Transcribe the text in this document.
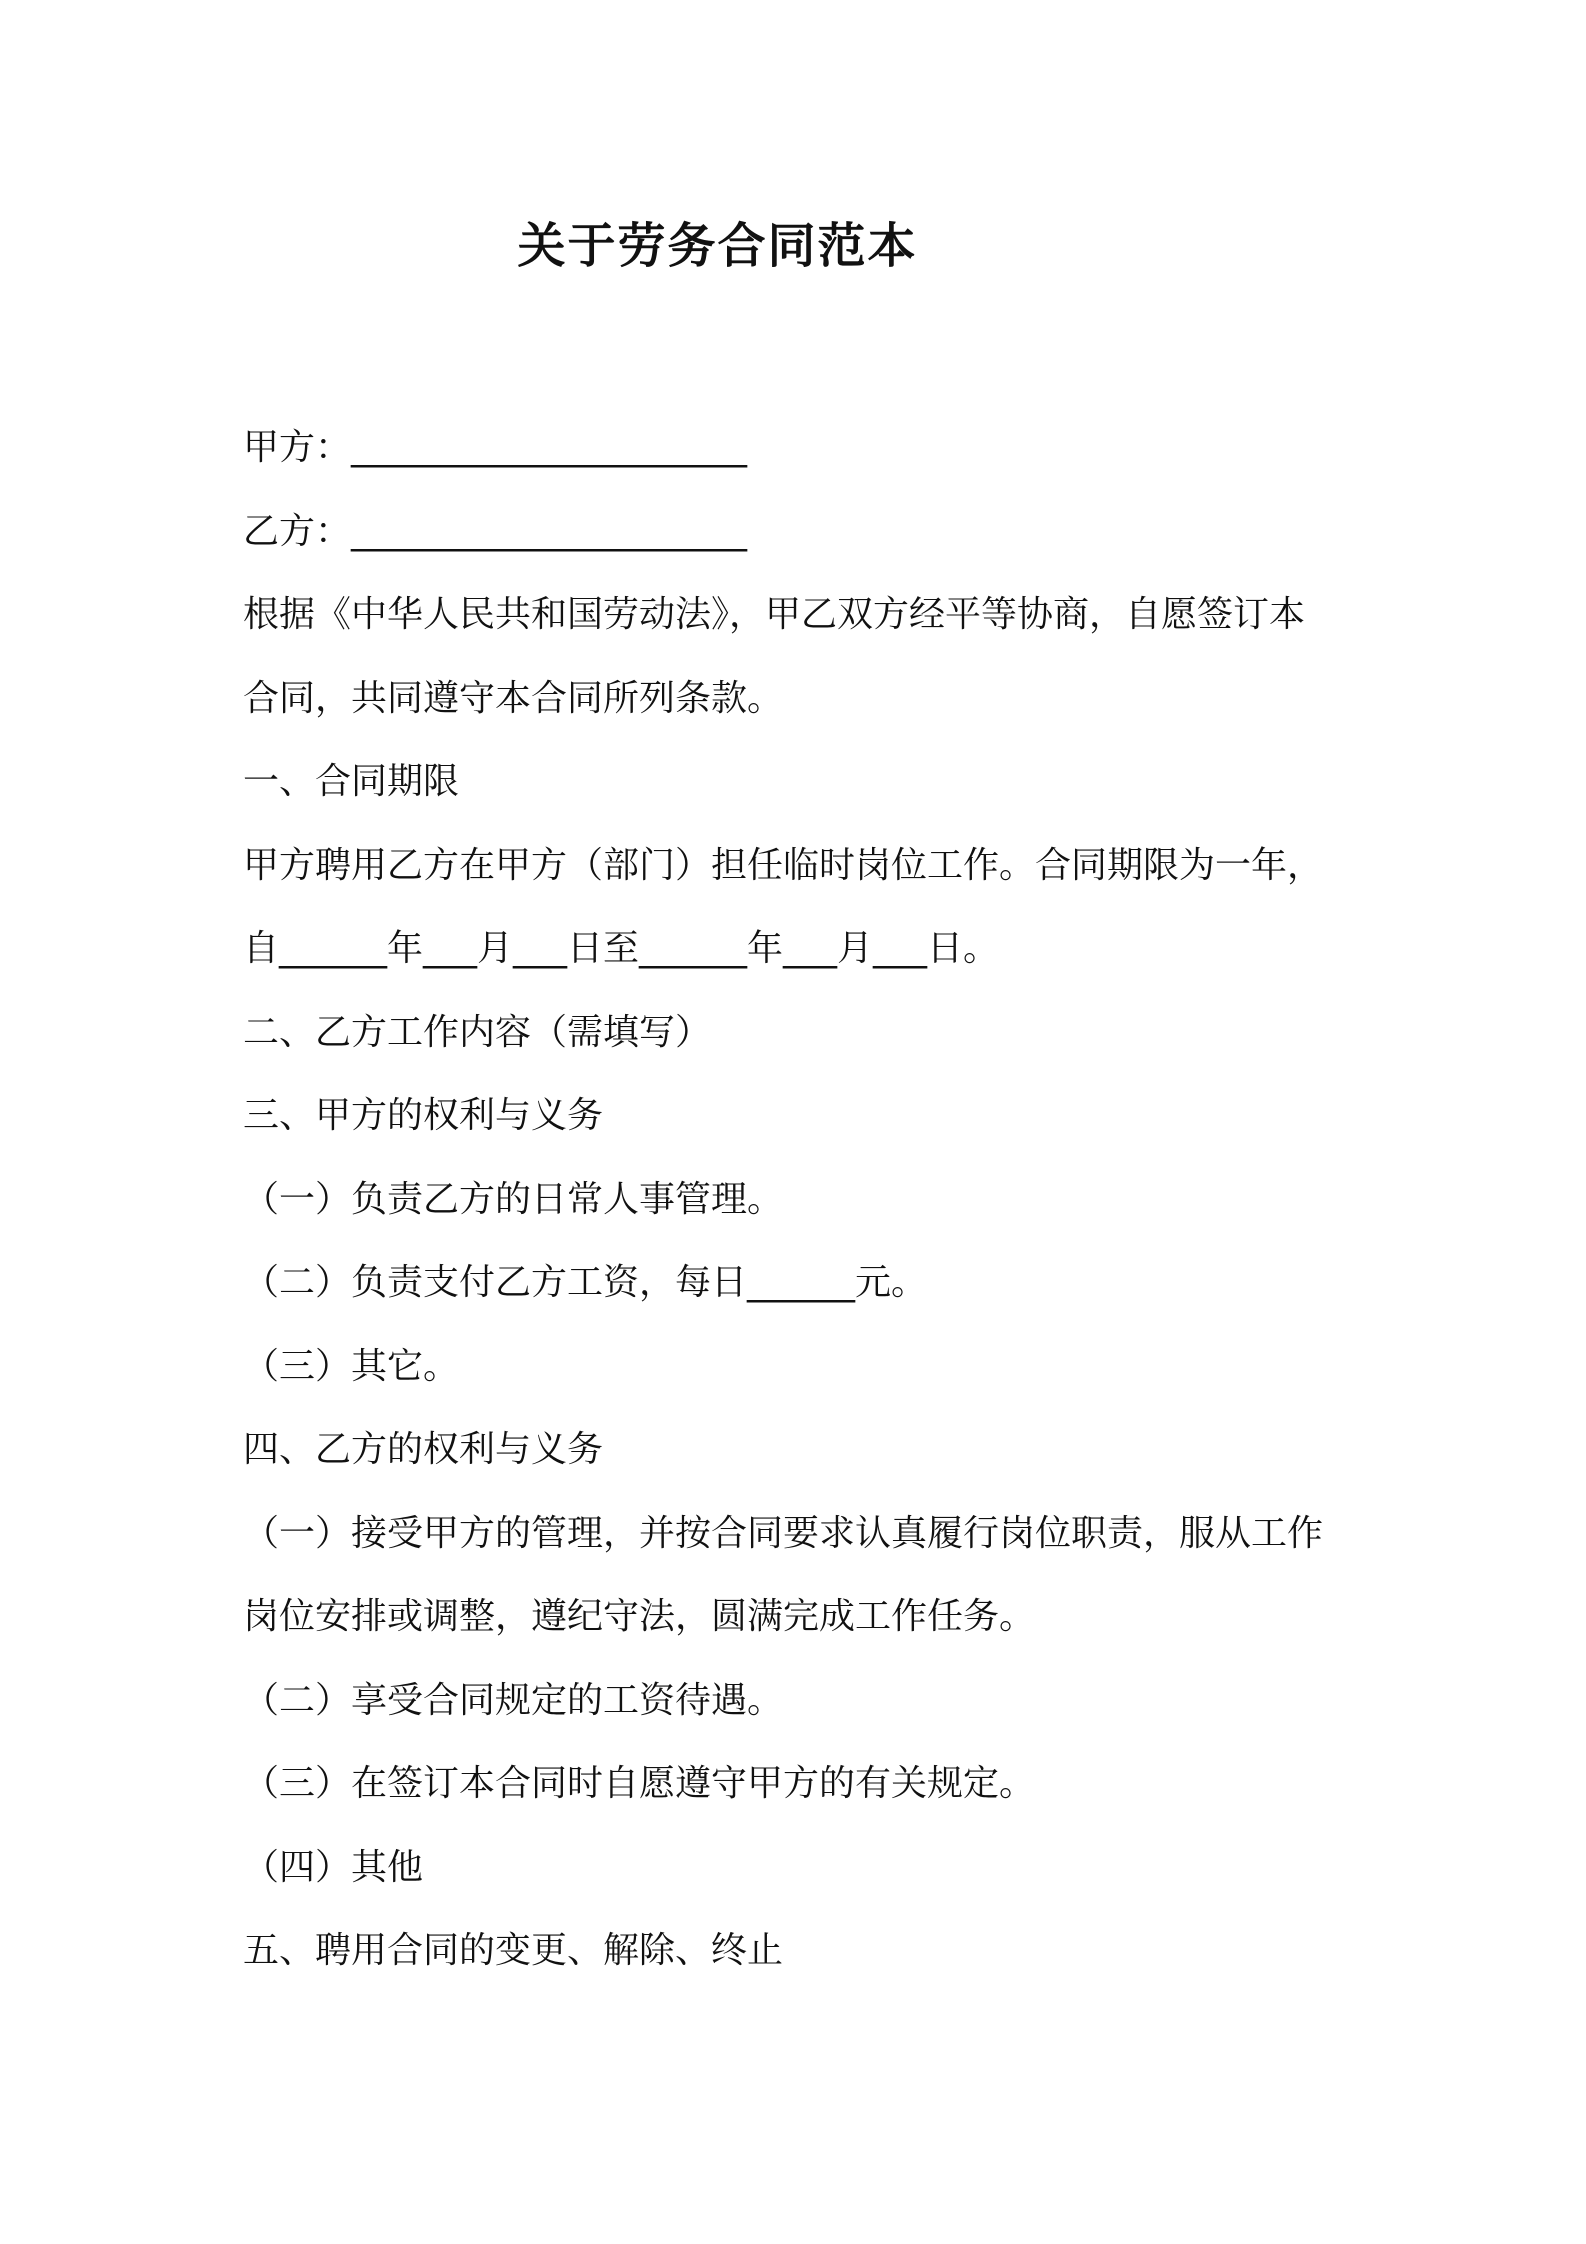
关于劳务合同范本
甲方：______________________
乙方：______________________
根据《中华人民共和国劳动法》，甲乙双方经平等协商，自愿签订本
合同，共同遵守本合同所列条款。
一、合同期限
甲方聘用乙方在甲方（部门）担任临时岗位工作。合同期限为一年，
自______年___月___日至______年___月___日。
二、乙方工作内容（需填写）
三、甲方的权利与义务
（一）负责乙方的日常人事管理。
（二）负责支付乙方工资，每日______元。
（三）其它。
四、乙方的权利与义务
（一）接受甲方的管理，并按合同要求认真履行岗位职责，服从工作
岗位安排或调整，遵纪守法，圆满完成工作任务。
（二）享受合同规定的工资待遇。
（三）在签订本合同时自愿遵守甲方的有关规定。
（四）其他
五、聘用合同的变更、解除、终止
